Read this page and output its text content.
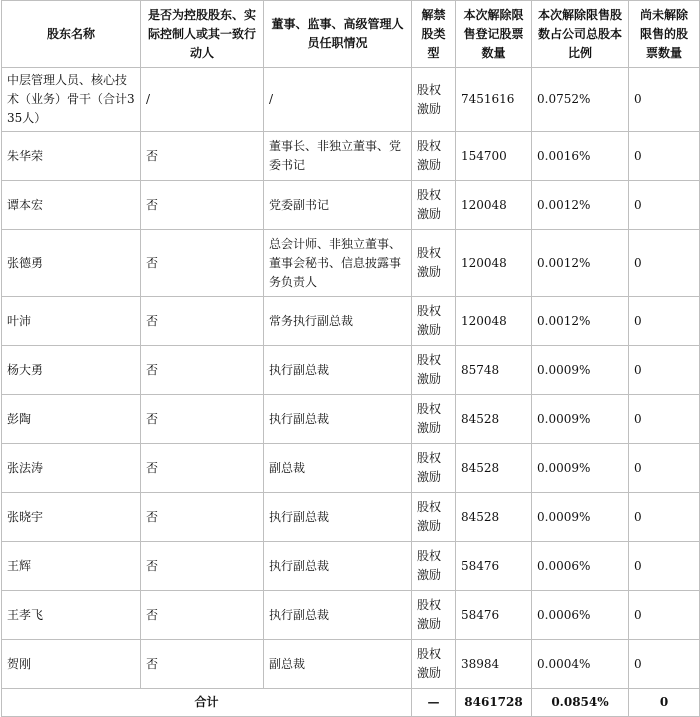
股东名称	是否为控股股东、实际控制人或其一致行动人	董事、监事、高级管理人员任职情况	解禁股类型	本次解除限售登记股票数量	本次解除限售股数占公司总股本比例	尚未解除限售的股票数量
中层管理人员、核心技术（业务）骨干（合计335人）	/	/	股权激励	7451616	0.0752%	0
朱华荣	否	董事长、非独立董事、党委书记	股权激励	154700	0.0016%	0
谭本宏	否	党委副书记	股权激励	120048	0.0012%	0
张德勇	否	总会计师、非独立董事、董事会秘书、信息披露事务负责人	股权激励	120048	0.0012%	0
叶沛	否	常务执行副总裁	股权激励	120048	0.0012%	0
杨大勇	否	执行副总裁	股权激励	85748	0.0009%	0
彭陶	否	执行副总裁	股权激励	84528	0.0009%	0
张法涛	否	副总裁	股权激励	84528	0.0009%	0
张晓宇	否	执行副总裁	股权激励	84528	0.0009%	0
王辉	否	执行副总裁	股权激励	58476	0.0006%	0
王孝飞	否	执行副总裁	股权激励	58476	0.0006%	0
贺刚	否	副总裁	股权激励	38984	0.0004%	0
合计			—	8461728	0.0854%	0
